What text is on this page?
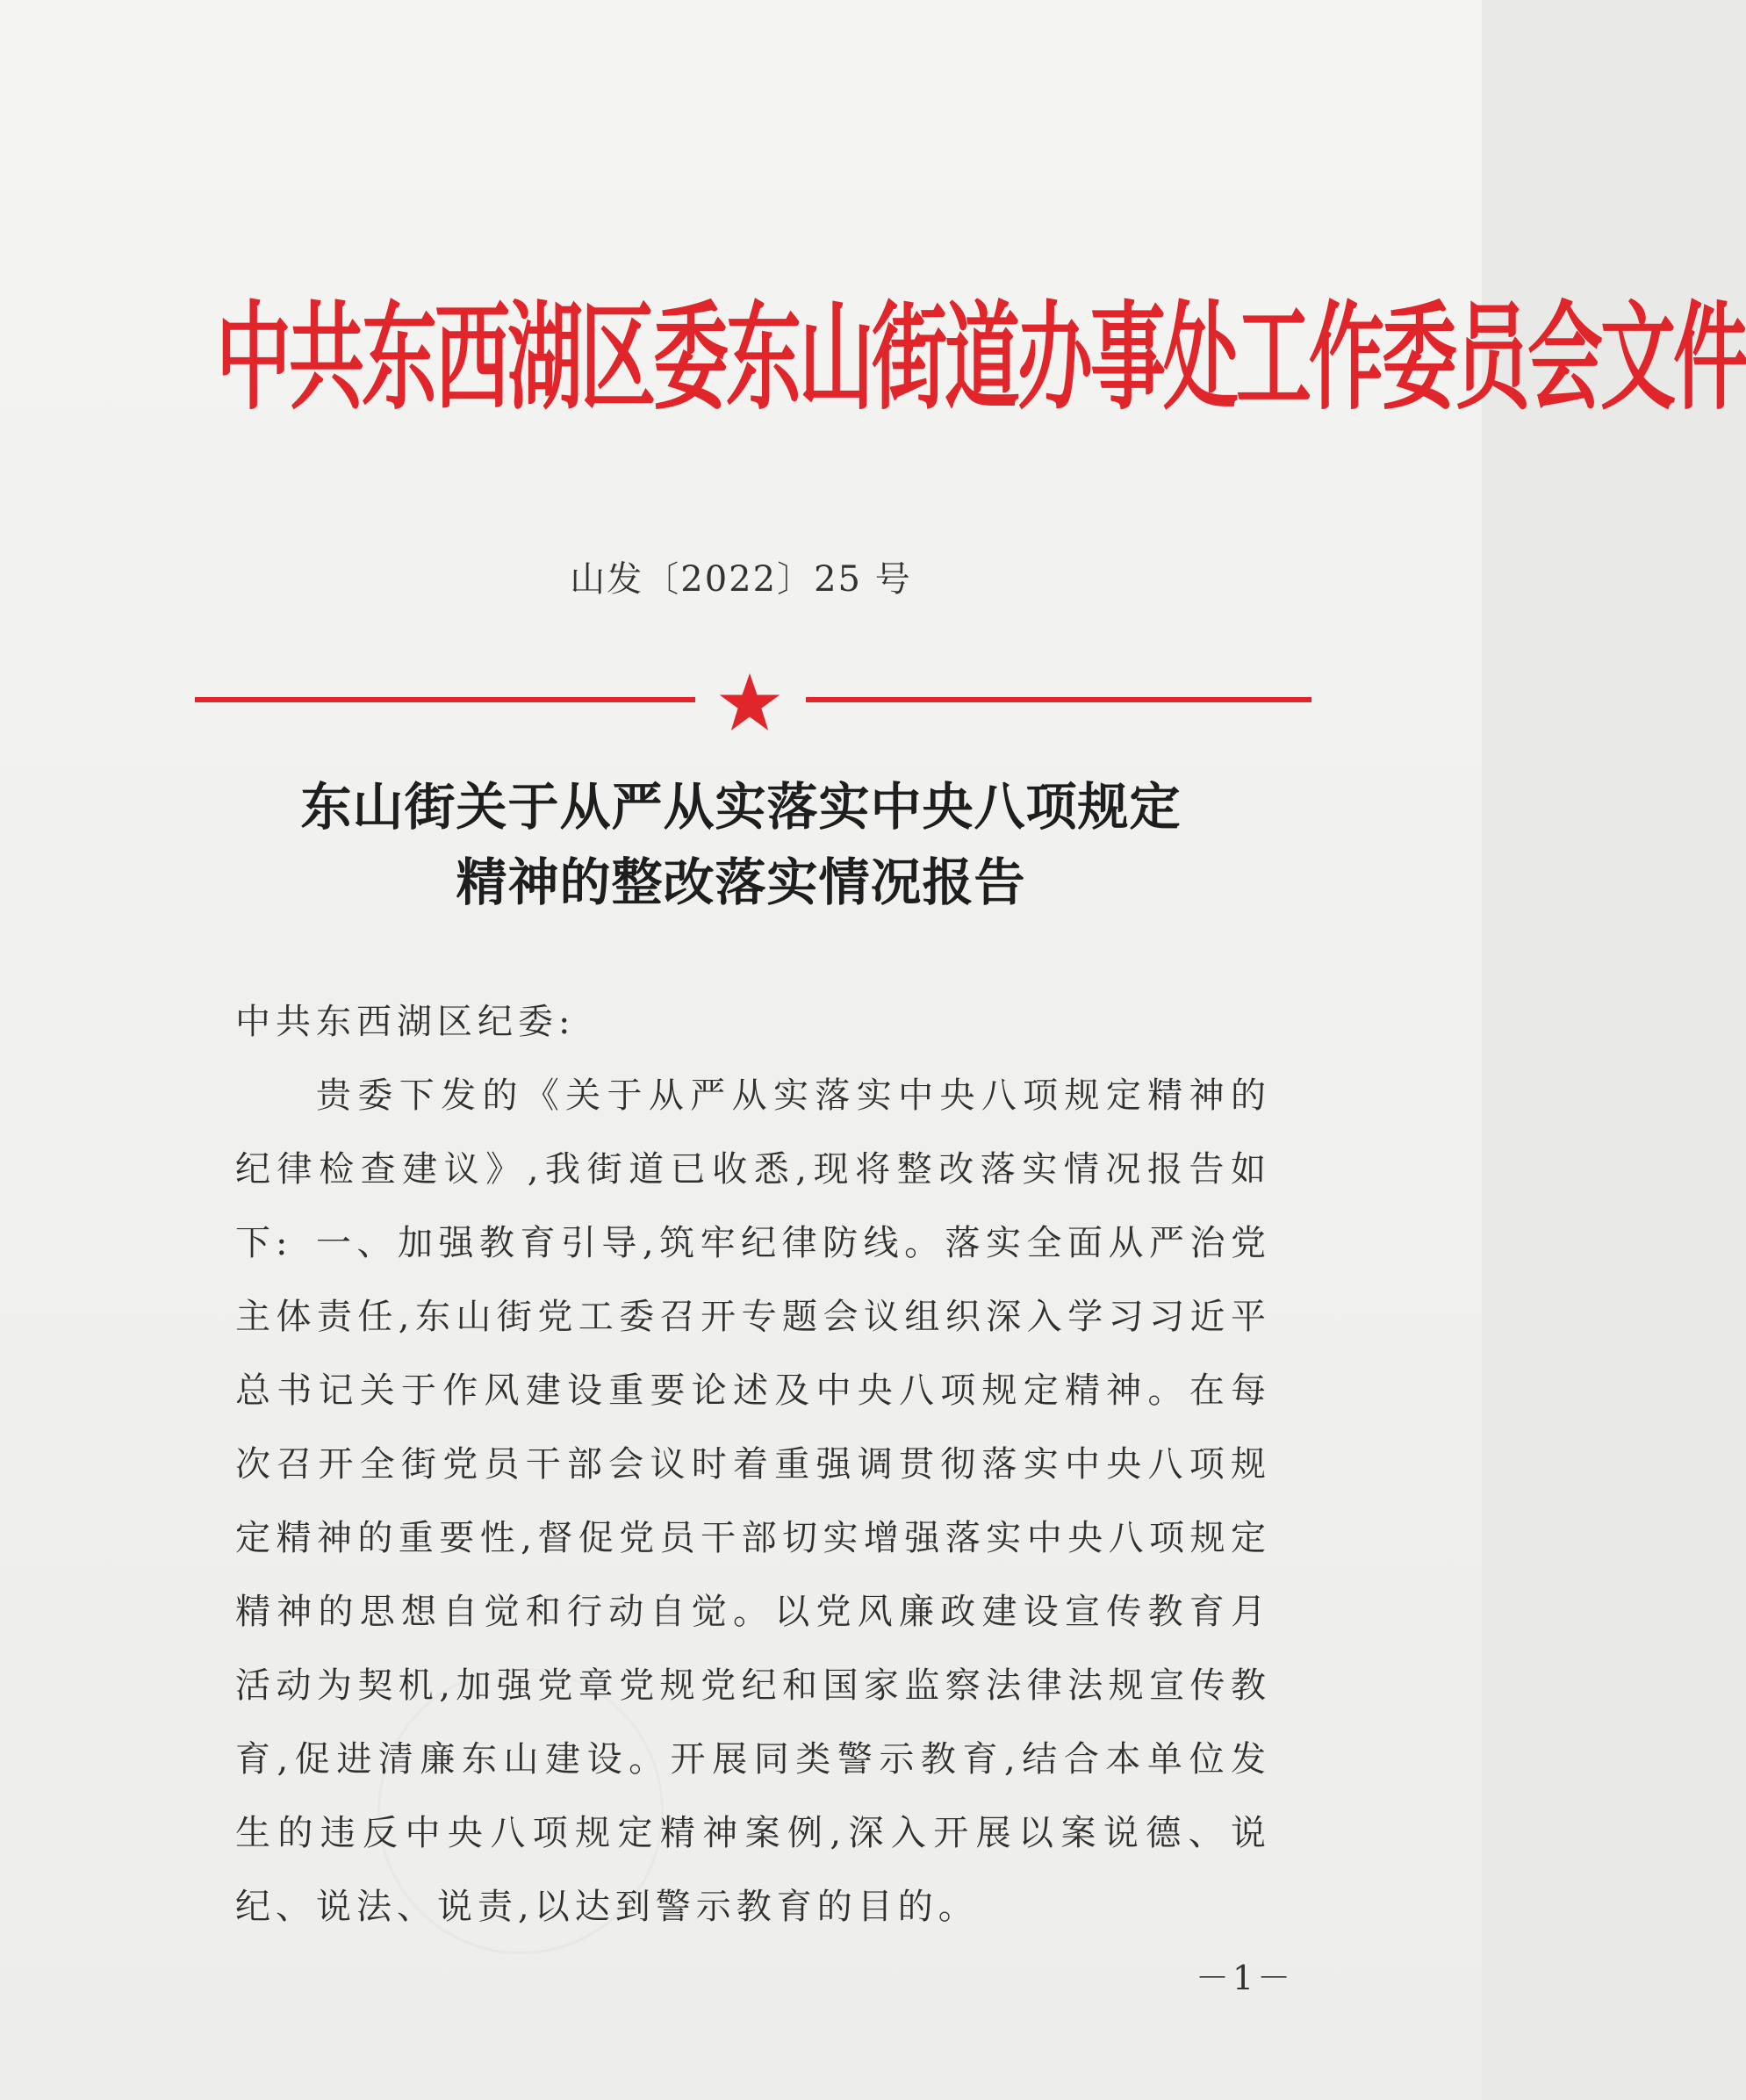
中共东西湖区委东山街道办事处工作委员会文件
山发〔2022〕25 号
东山街关于从严从实落实中央八项规定
精神的整改落实情况报告
中共东西湖区纪委:
贵委下发的《关于从严从实落实中央八项规定精神的纪律检查建议》,我街道已收悉,现将整改落实情况报告如下: 一、加强教育引导,筑牢纪律防线。落实全面从严治党主体责任,东山街党工委召开专题会议组织深入学习习近平总书记关于作风建设重要论述及中央八项规定精神。在每次召开全街党员干部会议时着重强调贯彻落实中央八项规定精神的重要性,督促党员干部切实增强落实中央八项规定精神的思想自觉和行动自觉。以党风廉政建设宣传教育月活动为契机,加强党章党规党纪和国家监察法律法规宣传教育,促进清廉东山建设。开展同类警示教育,结合本单位发生的违反中央八项规定精神案例,深入开展以案说德、说纪、说法、说责,以达到警示教育的目的。
－1－
